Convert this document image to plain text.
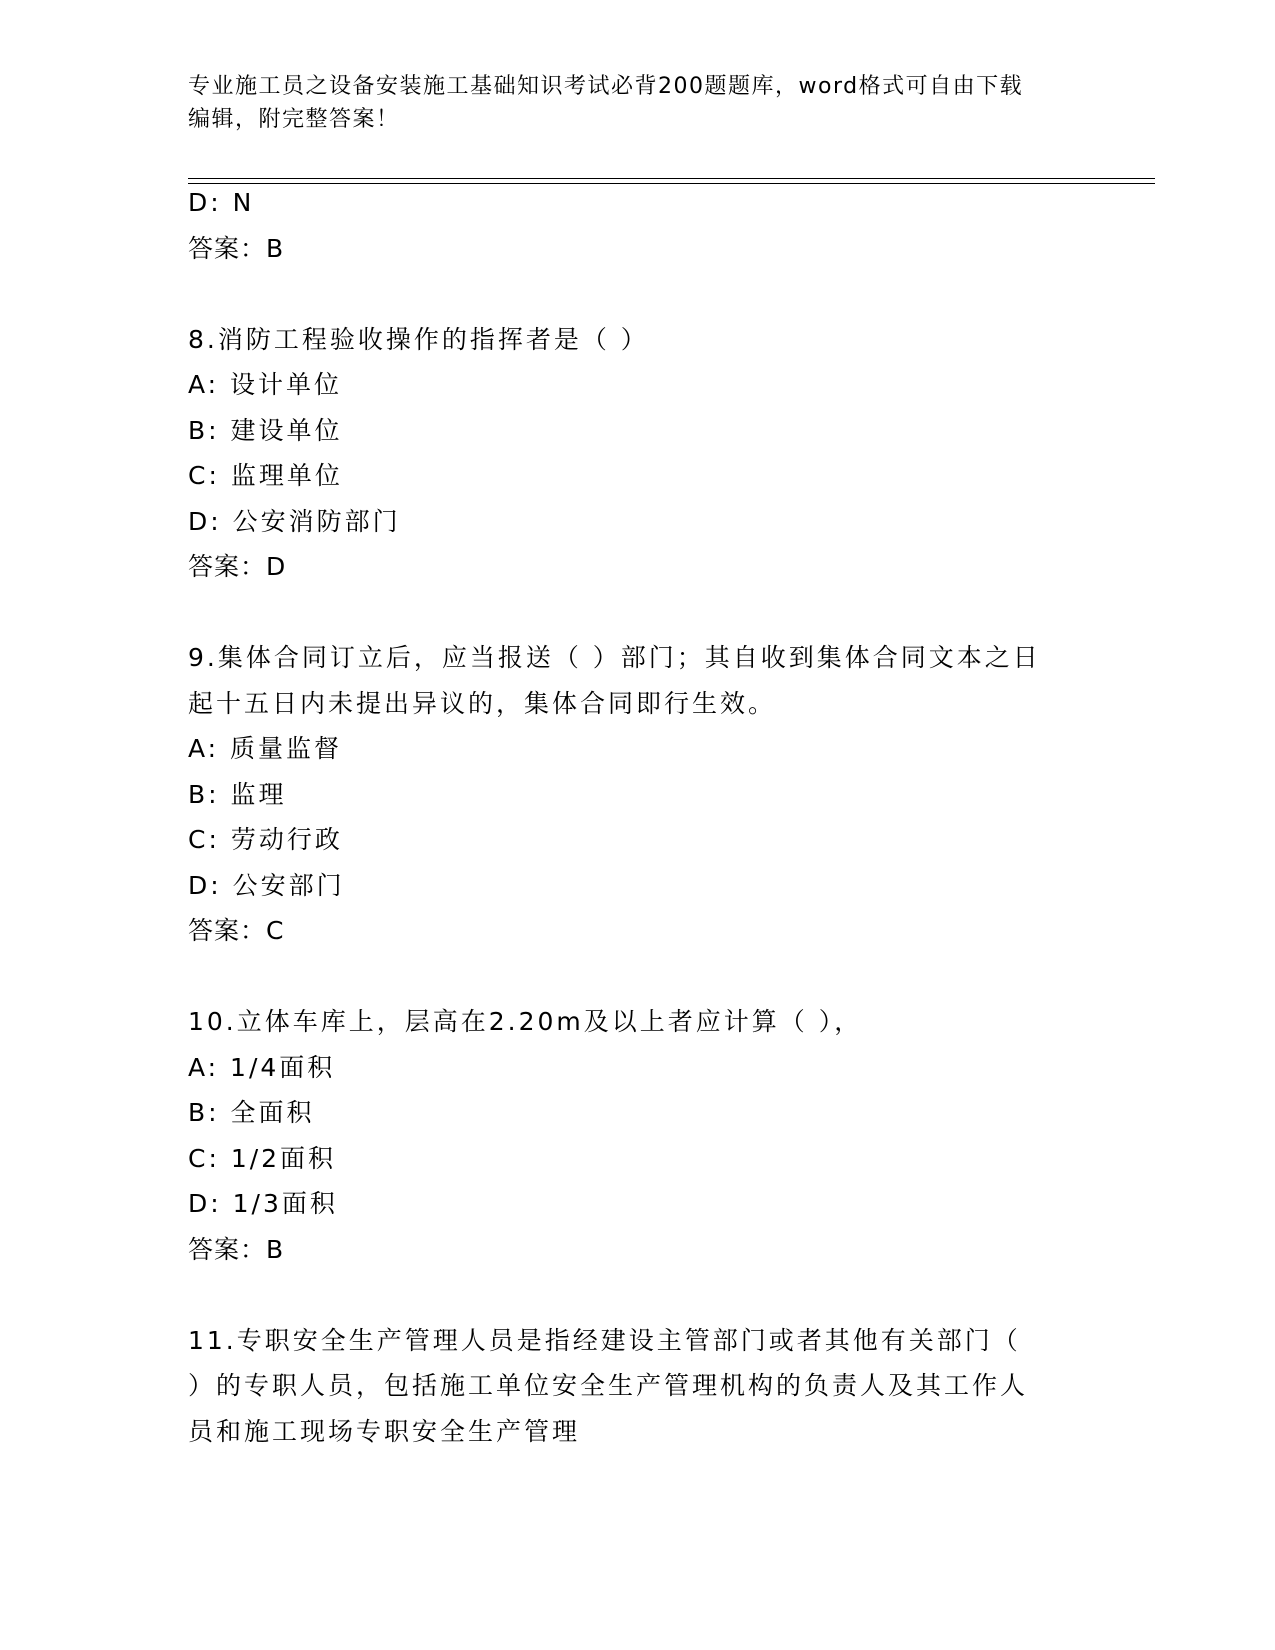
专业施工员之设备安装施工基础知识考试必背200题题库，word格式可自由下载
编辑，附完整答案！
D: N
答案：B
8.消防工程验收操作的指挥者是（ ）
A: 设计单位
B: 建设单位
C: 监理单位
D: 公安消防部门
答案：D
9.集体合同订立后，应当报送（ ）部门；其自收到集体合同文本之日
起十五日内未提出异议的，集体合同即行生效。
A: 质量监督
B: 监理
C: 劳动行政
D: 公安部门
答案：C
10.立体车库上，层高在2.20m及以上者应计算（ ），
A: 1/4面积
B: 全面积
C: 1/2面积
D: 1/3面积
答案：B
11.专职安全生产管理人员是指经建设主管部门或者其他有关部门（
）的专职人员，包括施工单位安全生产管理机构的负责人及其工作人
员和施工现场专职安全生产管理
